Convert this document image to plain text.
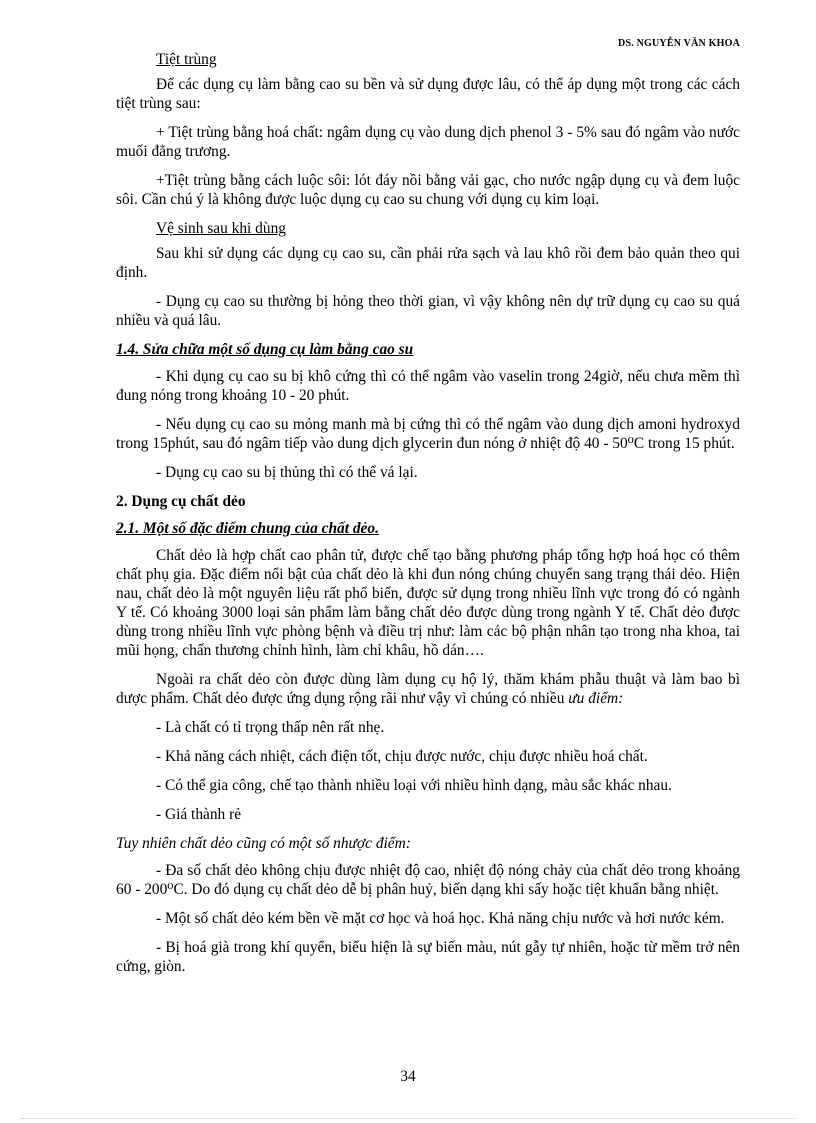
DS. NGUYỄN VĂN KHOA

Tiệt trùng

Để các dụng cụ làm bằng cao su bền và sử dụng được lâu, có thể áp dụng một trong các cách tiệt trùng sau:

+ Tiệt trùng bằng hoá chất: ngâm dụng cụ vào dung dịch phenol 3 - 5% sau đó ngâm vào nước muối đẳng trương.

+Tiệt trùng bằng cách luộc sôi: lót đáy nồi bằng vải gạc, cho nước ngập dụng cụ và đem luộc sôi. Cần chú ý là không được luộc dụng cụ cao su chung với dụng cụ kim loại.

Vệ sinh sau khi dùng

Sau khi sử dụng các dụng cụ cao su, cần phải rửa sạch và lau khô rồi đem bảo quản theo qui định.

- Dụng cụ cao su thường bị hỏng theo thời gian, vì vậy không nên dự trữ dụng cụ cao su quá nhiều và quá lâu.

1.4. Sửa chữa một số dụng cụ làm bằng cao su

- Khi dụng cụ cao su bị khô cứng thì có thể ngâm vào vaselin trong 24giờ, nếu chưa mềm thì đung nóng trong khoảng 10 - 20 phút.

- Nếu dụng cụ cao su mỏng manh mà bị cứng thì có thể ngâm vào dung dịch amoni hydroxyd trong 15phút, sau đó ngâm tiếp vào dung dịch glycerin đun nóng ở nhiệt độ 40 - 50⁰C trong 15 phút.

- Dụng cụ cao su bị thủng thì có thể vá lại.

2. Dụng cụ chất dẻo

2.1. Một số đặc điểm chung của chất dẻo.

Chất dẻo là hợp chất cao phân tử, được chế tạo bằng phương pháp tổng hợp hoá học có thêm chất phụ gia. Đặc điểm nổi bật của chất dẻo là khi đun nóng chúng chuyển sang trạng thái dẻo. Hiện nau, chất dẻo là một nguyên liệu rất phổ biến, được sử dụng trong nhiều lĩnh vực trong đó có ngành Y tế. Có khoảng 3000 loại sản phẩm làm bằng chất dẻo được dùng trong ngành Y tế. Chất dẻo được dùng trong nhiều lĩnh vực phòng bệnh và điều trị như: làm các bộ phận nhân tạo trong nha khoa, tai mũi họng, chấn thương chỉnh hình, làm chỉ khâu, hồ dán….

Ngoài ra chất dẻo còn được dùng làm dụng cụ hộ lý, thăm khám phẫu thuật và làm bao bì dược phẩm. Chất dẻo được ứng dụng rộng rãi như vậy vì chúng có nhiều ưu điểm:

- Là chất có tỉ trọng thấp nên rất nhẹ.

- Khả năng cách nhiệt, cách điện tốt, chịu được nước, chịu được nhiều hoá chất.

- Có thể gia công, chế tạo thành nhiều loại với nhiều hình dạng, màu sắc khác nhau.

- Giá thành rẻ

Tuy nhiên chất dẻo cũng có một số nhược điểm:

- Đa số chất dẻo không chịu được nhiệt độ cao, nhiệt độ nóng chảy của chất dẻo trong khoảng 60 - 200⁰C. Do đó dụng cụ chất dẻo dễ bị phân huỷ, biến dạng khi sấy hoặc tiệt khuẩn bằng nhiệt.

- Một số chất dẻo kém bền về mặt cơ học và hoá học. Khả năng chịu nước và hơi nước kém.

- Bị hoá già trong khí quyển, biểu hiện là sự biến màu, nút gẫy tự nhiên, hoặc từ mềm trở nên cứng, giòn.

34
